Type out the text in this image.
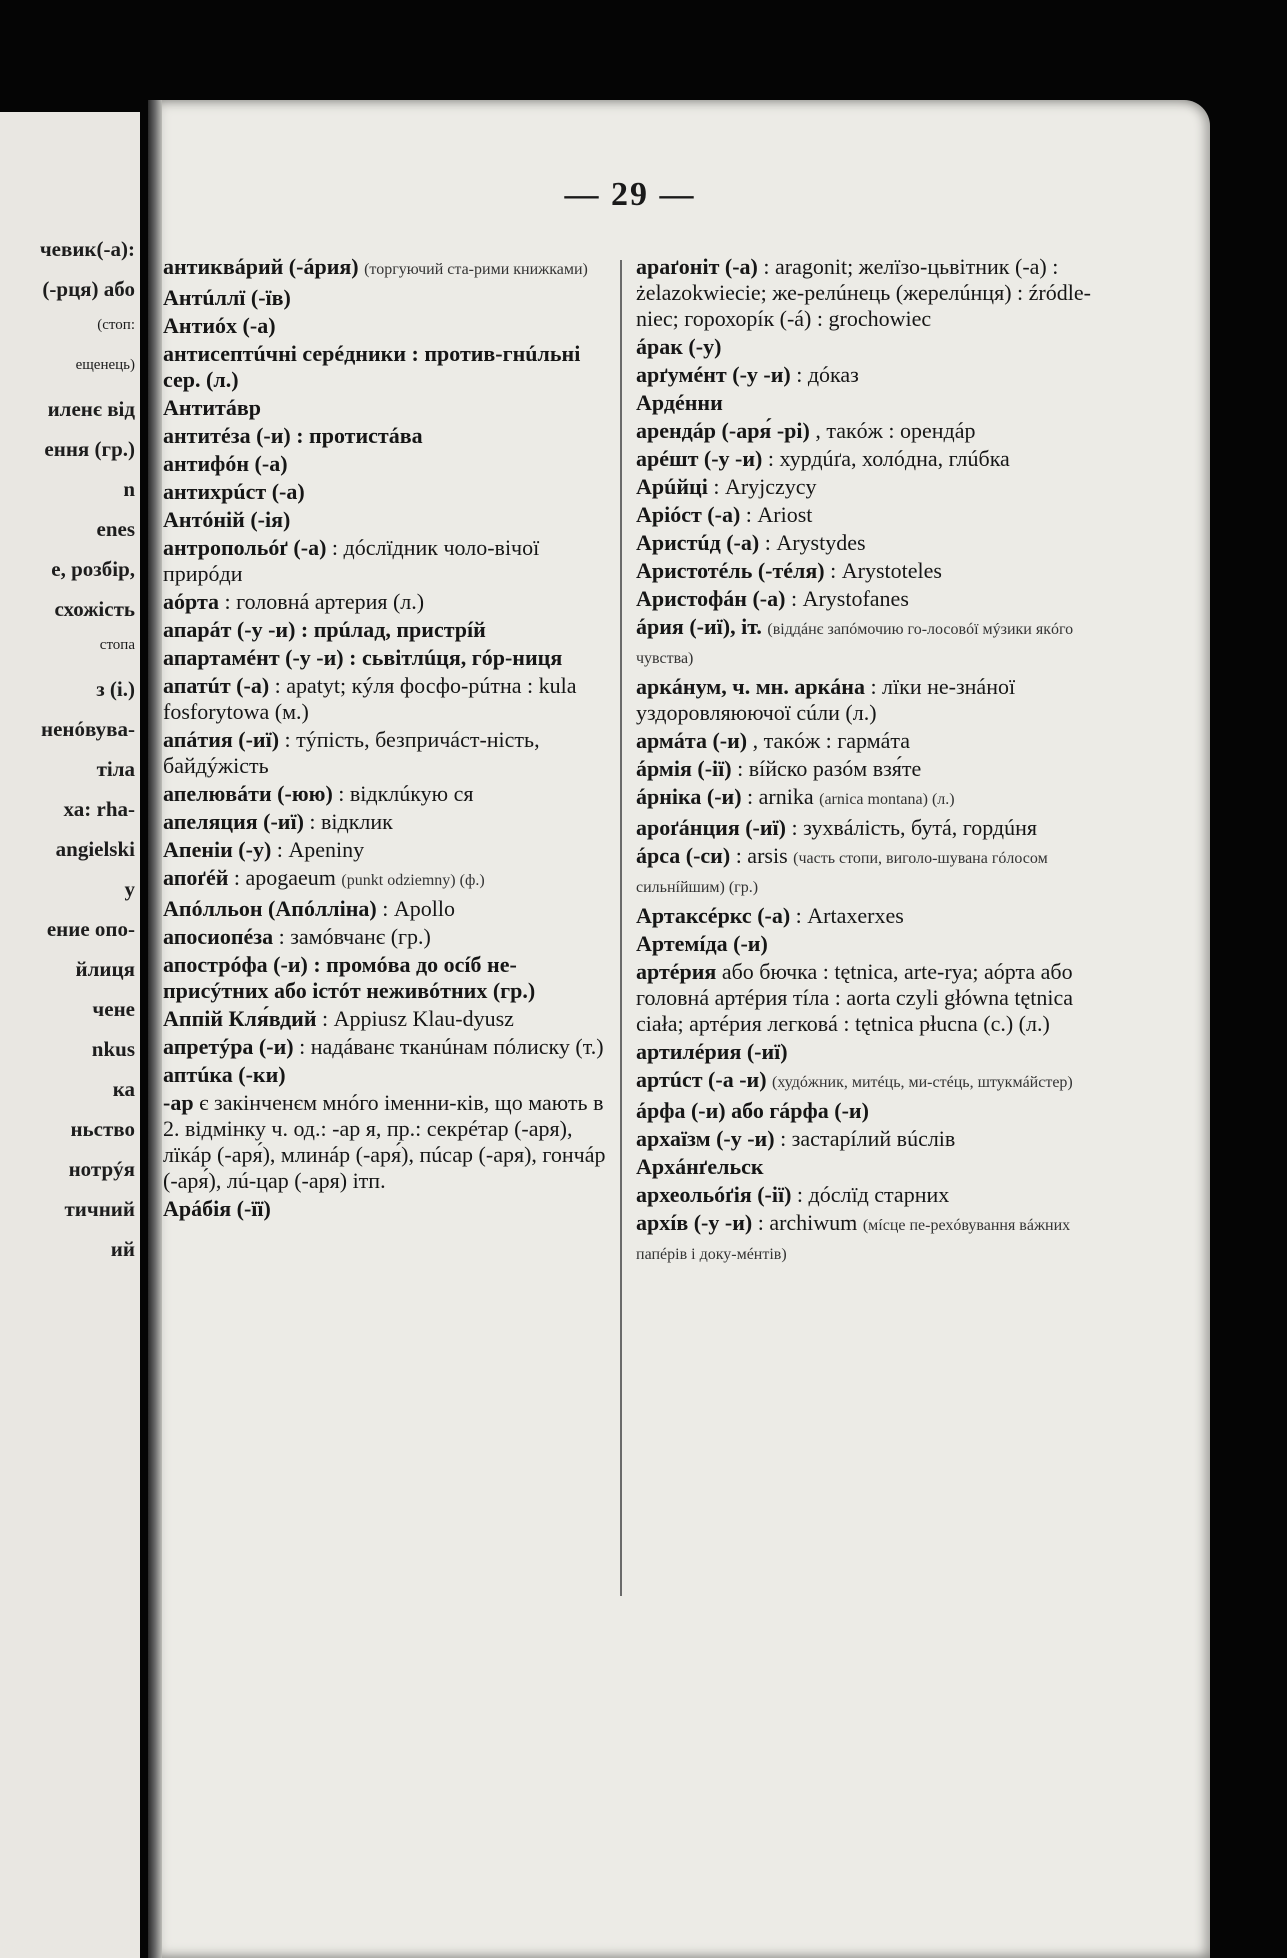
чевик(-а):
(-рця) або
(стоп:
ещенець)
иленє від
ення (гр.)
n
enes
e, розбір,
схожість
стопа
з (і.)
ненóвува-
тіла
ха: rha-
angielski
y
ение опо-
йлиця
чене
nkus
ка
ньство
нотрýя
тичний
ий
— 29 —
антиквáрий (-áрия) (торгуючий ста-рими книжками)
Антúллї (-їв)
Антиóх (-а)
антисептúчні серéдники : против-гнúльні сер. (л.)
Антитáвр
антитéза (-и) : протистáва
антифóн (-а)
антихрúст (-а)
Антóній (-ія)
антропольóґ (-а) : дóслїдник чоло-вічої прирóди
аóрта : головнá артерия (л.)
апарáт (-у -и) : прúлад, пристрíй
апартамéнт (-у -и) : сьвітлúця, гóр-ниця
апатúт (-а) : apatyt; кýля фосфо-рúтна : kula fosforytowa (м.)
апáтия (-иї) : тýпість, безпричáст-ність, байдýжість
апелювáти (-юю) : відклúкую ся
апеляция (-иї) : відклик
Апеніи (-у) : Apeniny
апоґéй : apogaeum (punkt odziemny) (ф.)
Апóлльон (Апóлліна) : Apollo
апосиопéза : замóвчанє (гр.)
апострóфа (-и) : промóва до осíб не-присýтних або істóт неживóтних (гр.)
Аппій Кля́вдий : Appiusz Klau-dyusz
апретýра (-и) : надáванє тканúнам пóлиску (т.)
аптúка (-ки)
-ар є закінченєм мнóго іменни-ків, що мають в 2. відмінку ч. од.: -ар я, пр.: секрéтар (-аря), лїкáр (-аря́), млинáр (-аря́), пúсар (-аря), гончáр (-аря́), лú-цар (-аря) ітп.
Арáбія (-її)
араґоніт (-а) : aragonit; желїзо-цьвітник (-а) : żelazokwiecie; же-релúнець (жерелúнця) : źródle-niec; горохорíк (-á) : grochowiec
áрак (-у)
арґумéнт (-у -и) : дóказ
Ардéнни
арендáр (-аря́ -рі) , такóж : орендáр
арéшт (-у -и) : хурдúґа, холóдна, глúбка
Арúйці : Aryjczycy
Арióст (-а) : Ariost
Аристúд (-а) : Arystydes
Аристотéль (-тéля) : Arystoteles
Аристофáн (-а) : Arystofanes
áрия (-иї), іт. (віддáнє запóмочию го-лосовóї мýзики якóго чувства)
аркáнум, ч. мн. аркáна : лїки не-знáної уздоровляюючої сúли (л.)
армáта (-и) , такóж : гармáта
áрмія (-ії) : вíйско разóм взя́те
áрніка (-и) : arnika (arnica montana) (л.)
ароґáнция (-иї) : зухвáлість, бутá, гордúня
áрса (-си) : arsis (часть стопи, виголо-шувана гóлосом сильнíйшим) (гр.)
Артаксéркс (-а) : Artaxerxes
Артемíда (-и)
артéрия або бючка : tętnica, arte-rya; аóрта або головнá артéрия тíла : aorta czyli główna tętnica ciała; артéрия легковá : tętnica płucna (с.) (л.)
артилéрия (-иї)
артúст (-а -и) (худóжник, митéць, ми-стéць, штукмáйстер)
áрфа (-и) або гáрфа (-и)
архаїзм (-у -и) : застарíлий вúслів
Архáнґельск
археольóґія (-ії) : дóслїд старних
архíв (-у -и) : archiwum (мíсце пе-рехóвування вáжних папéрів і доку-мéнтів)
